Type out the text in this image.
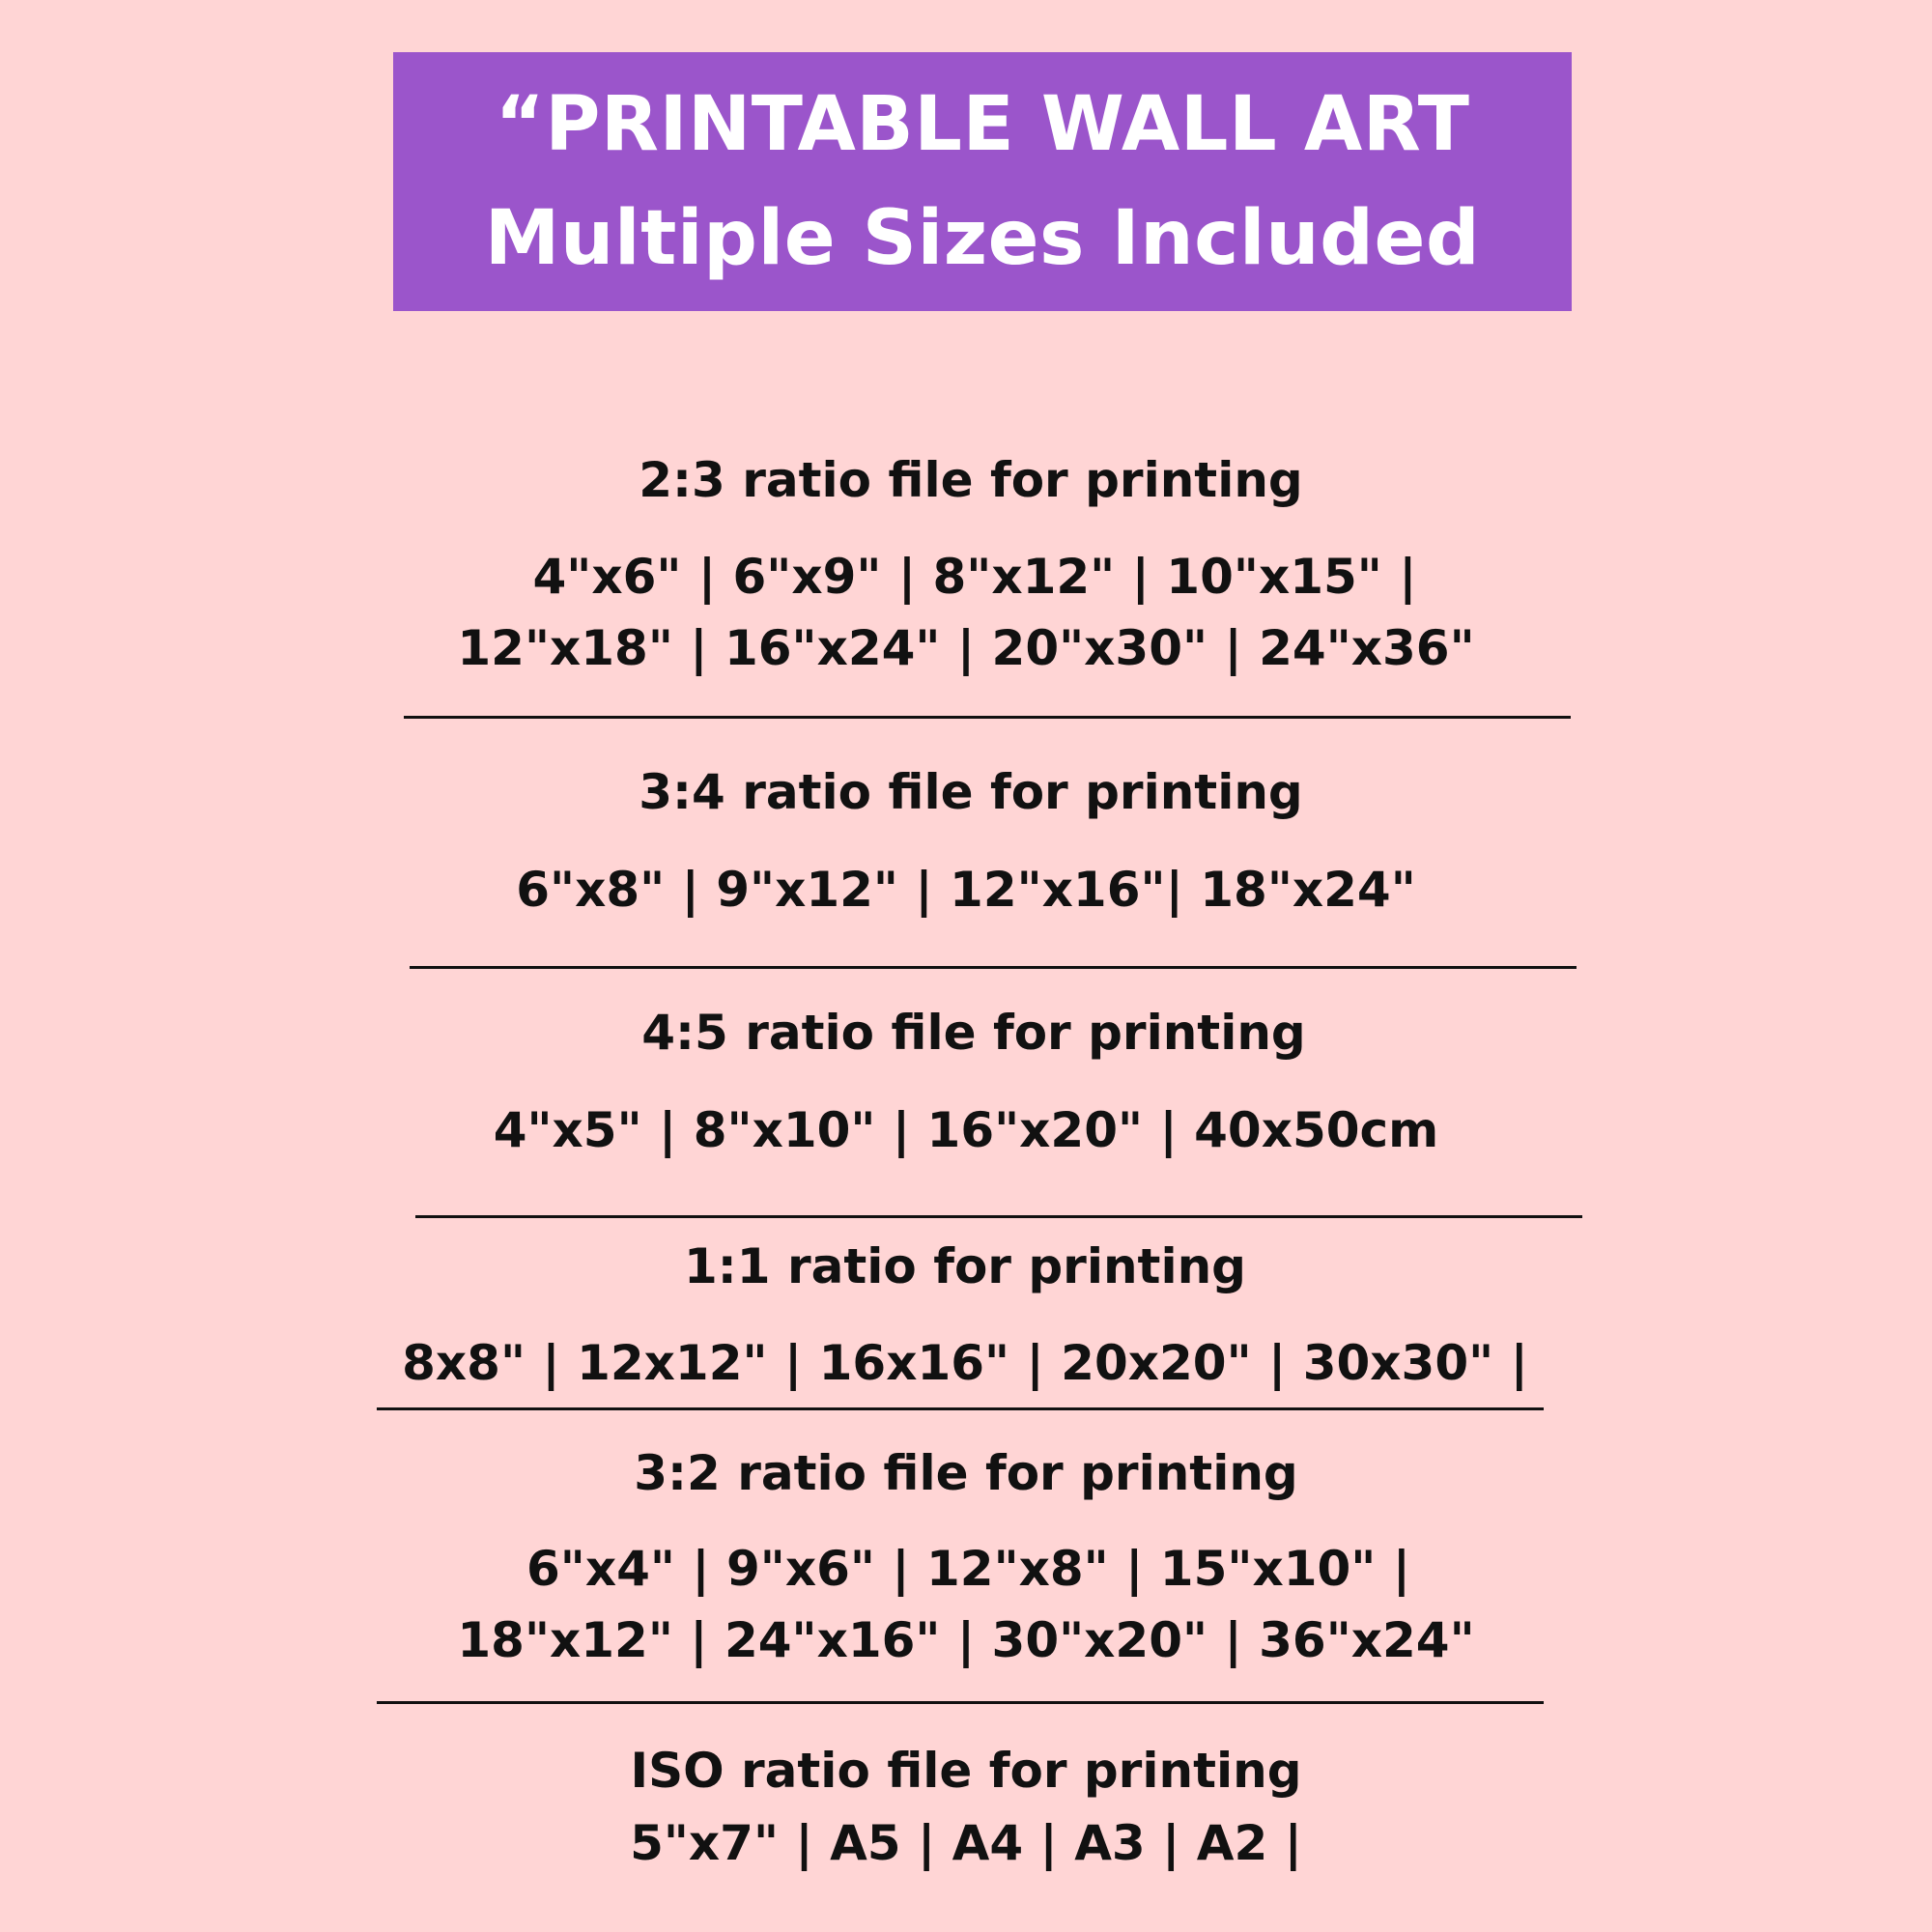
“PRINTABLE WALL ART
Multiple Sizes Included
2:3 ratio file for printing
4"x6" | 6"x9" | 8"x12" | 10"x15" |
12"x18" | 16"x24" | 20"x30" | 24"x36"
3:4 ratio file for printing
6"x8" | 9"x12" | 12"x16"| 18"x24"
4:5 ratio file for printing
4"x5" | 8"x10" | 16"x20" | 40x50cm
1:1 ratio for printing
8x8" | 12x12" | 16x16" | 20x20" | 30x30" |
3:2 ratio file for printing
6"x4" | 9"x6" | 12"x8" | 15"x10" |
18"x12" | 24"x16" | 30"x20" | 36"x24"
ISO ratio file for printing
5"x7" | A5 | A4 | A3 | A2 |
